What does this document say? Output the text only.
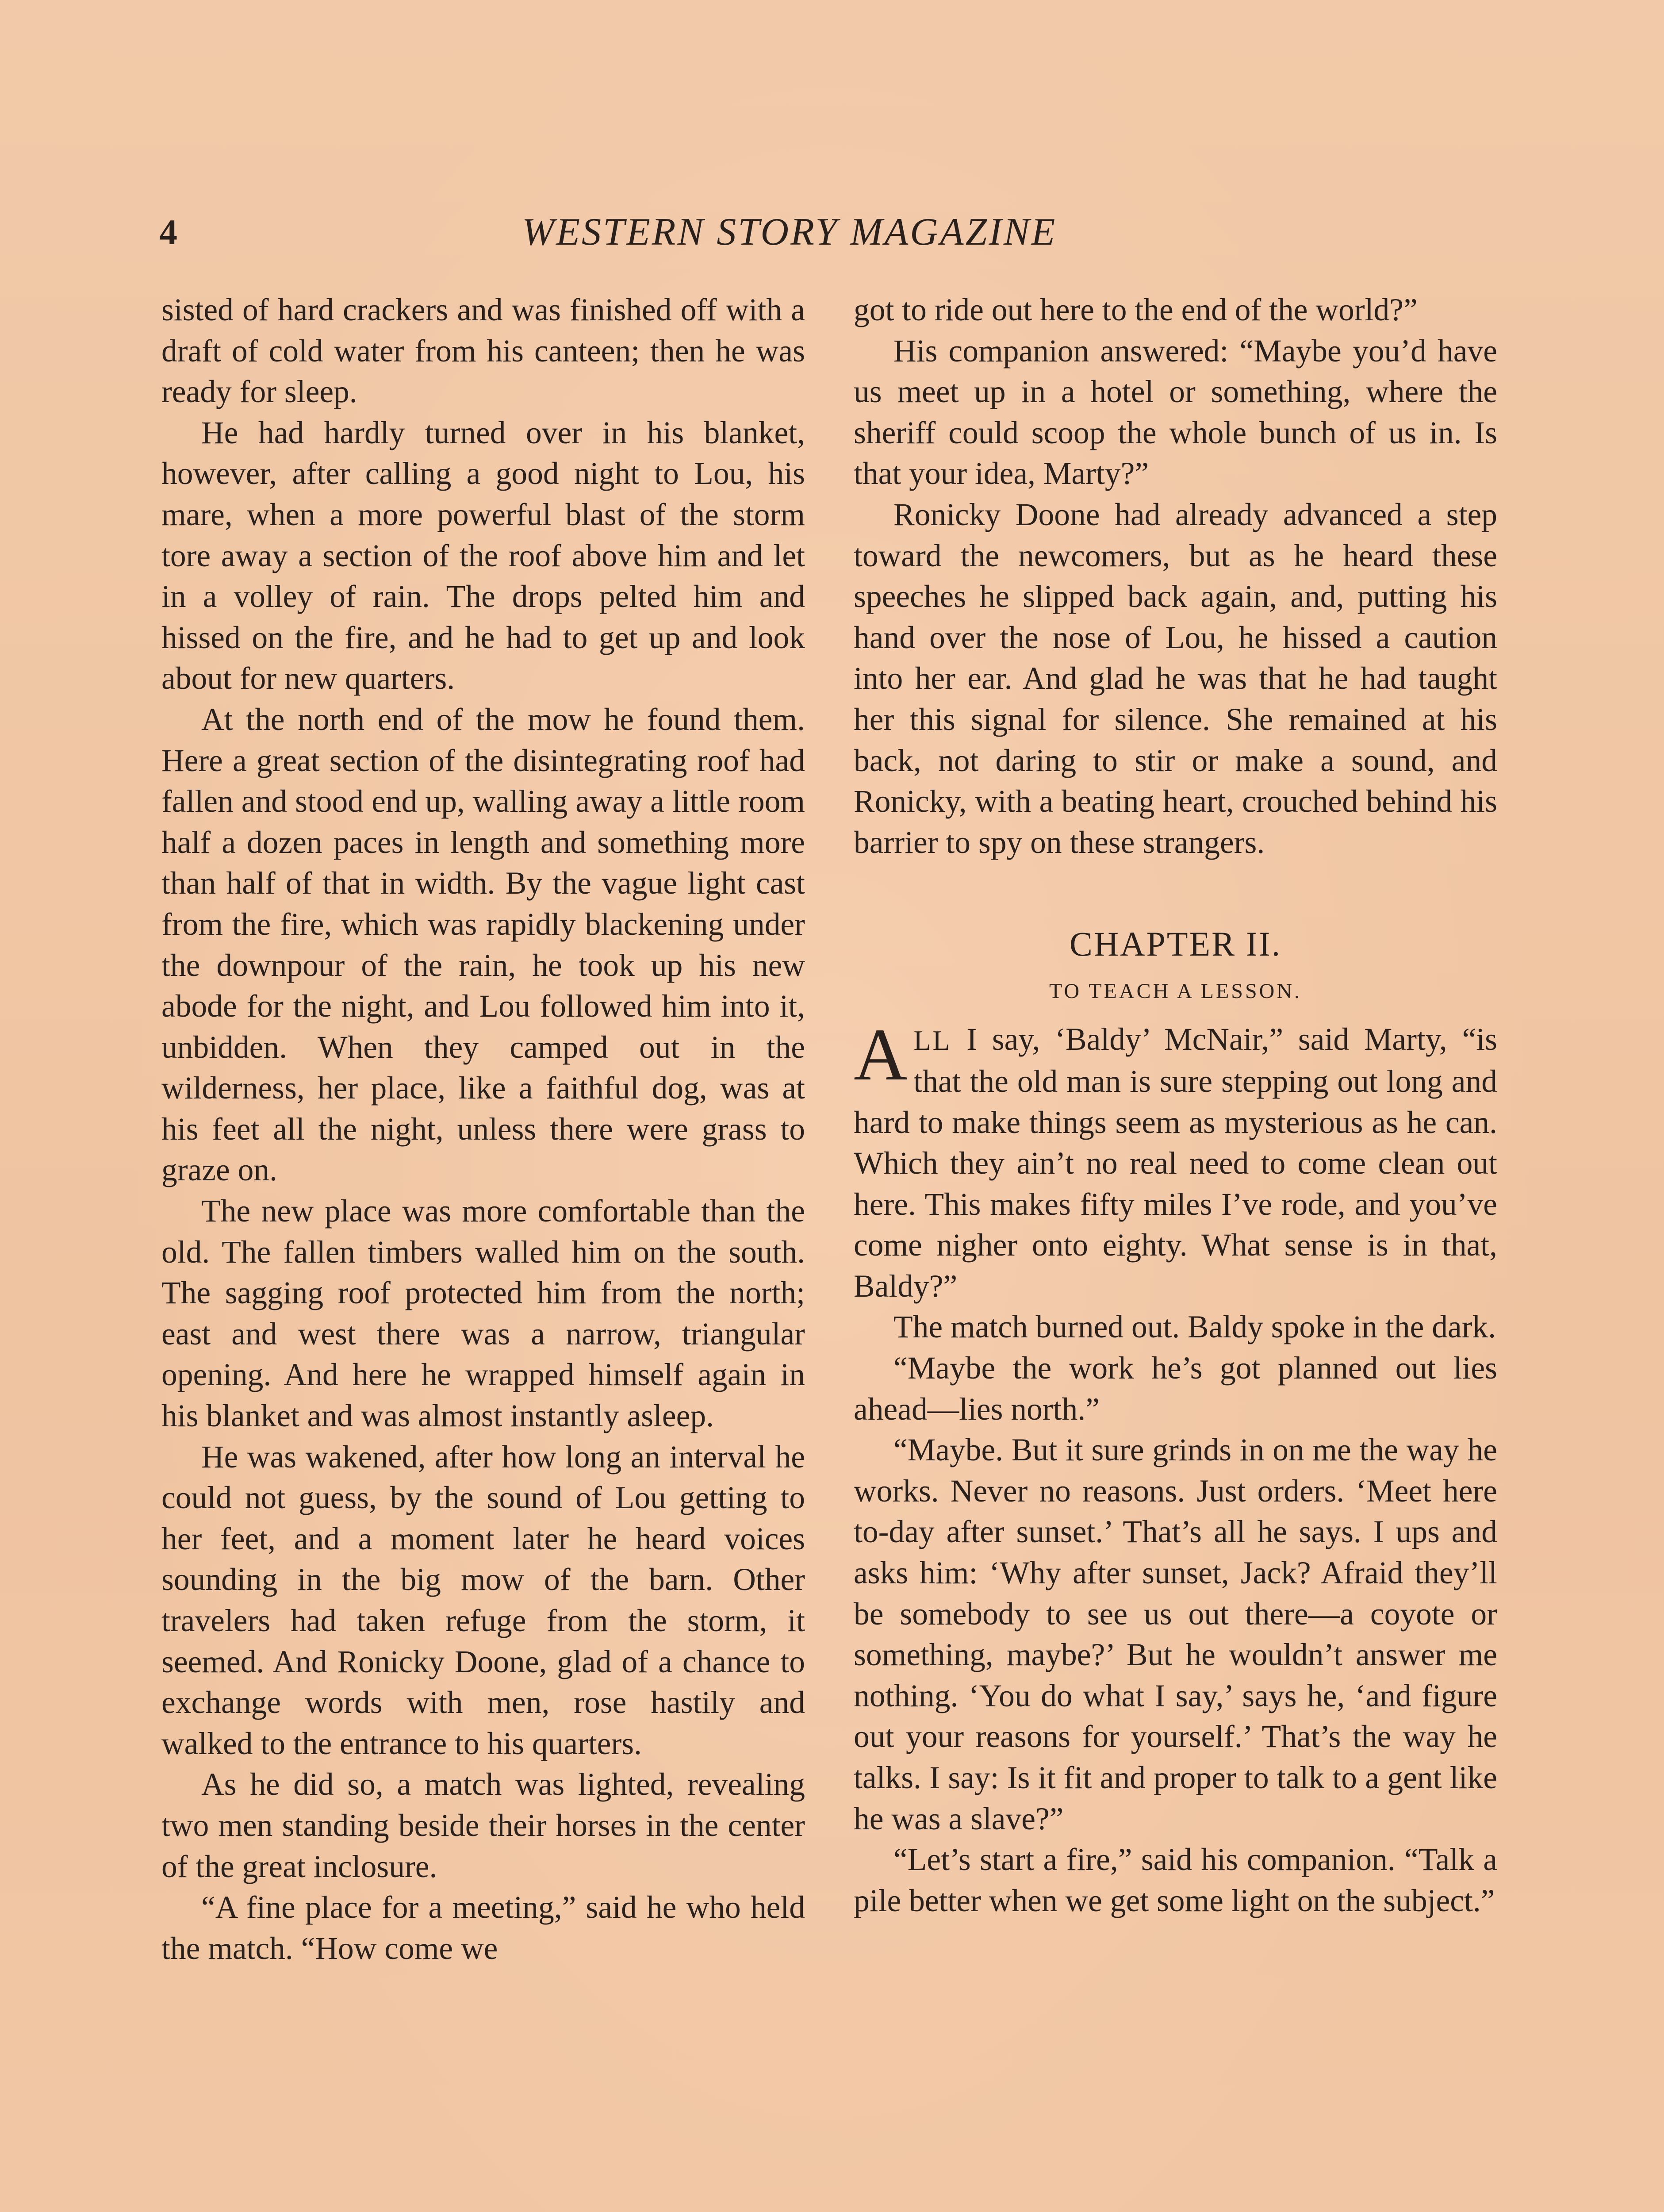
4	WESTERN STORY MAGAZINE

sisted of hard crackers and was finished off with a draft of cold water from his canteen; then he was ready for sleep.

He had hardly turned over in his blanket, however, after calling a good night to Lou, his mare, when a more powerful blast of the storm tore away a section of the roof above him and let in a volley of rain. The drops pelted him and hissed on the fire, and he had to get up and look about for new quarters.

At the north end of the mow he found them. Here a great section of the disintegrating roof had fallen and stood end up, walling away a little room half a dozen paces in length and something more than half of that in width. By the vague light cast from the fire, which was rapidly blackening under the downpour of the rain, he took up his new abode for the night, and Lou followed him into it, unbidden. When they camped out in the wilderness, her place, like a faithful dog, was at his feet all the night, unless there were grass to graze on.

The new place was more comfortable than the old. The fallen timbers walled him on the south. The sagging roof protected him from the north; east and west there was a narrow, triangular opening. And here he wrapped himself again in his blanket and was almost instantly asleep.

He was wakened, after how long an interval he could not guess, by the sound of Lou getting to her feet, and a moment later he heard voices sounding in the big mow of the barn. Other travelers had taken refuge from the storm, it seemed. And Ronicky Doone, glad of a chance to exchange words with men, rose hastily and walked to the entrance to his quarters.

As he did so, a match was lighted, revealing two men standing beside their horses in the center of the great inclosure.

“A fine place for a meeting,” said he who held the match. “How come we

got to ride out here to the end of the world?”

His companion answered: “Maybe you’d have us meet up in a hotel or something, where the sheriff could scoop the whole bunch of us in. Is that your idea, Marty?”

Ronicky Doone had already advanced a step toward the newcomers, but as he heard these speeches he slipped back again, and, putting his hand over the nose of Lou, he hissed a caution into her ear. And glad he was that he had taught her this signal for silence. She remained at his back, not daring to stir or make a sound, and Ronicky, with a beating heart, crouched behind his barrier to spy on these strangers.

CHAPTER II.

TO TEACH A LESSON.

ALL I say, ‘Baldy’ McNair,” said Marty, “is that the old man is sure stepping out long and hard to make things seem as mysterious as he can. Which they ain’t no real need to come clean out here. This makes fifty miles I’ve rode, and you’ve come nigher onto eighty. What sense is in that, Baldy?”

The match burned out. Baldy spoke in the dark.

“Maybe the work he’s got planned out lies ahead—lies north.”

“Maybe. But it sure grinds in on me the way he works. Never no reasons. Just orders. ‘Meet here to-day after sunset.’ That’s all he says. I ups and asks him: ‘Why after sunset, Jack? Afraid they’ll be somebody to see us out there—a coyote or something, maybe?’ But he wouldn’t answer me nothing. ‘You do what I say,’ says he, ‘and figure out your reasons for yourself.’ That’s the way he talks. I say: Is it fit and proper to talk to a gent like he was a slave?”

“Let’s start a fire,” said his companion. “Talk a pile better when we get some light on the subject.”
